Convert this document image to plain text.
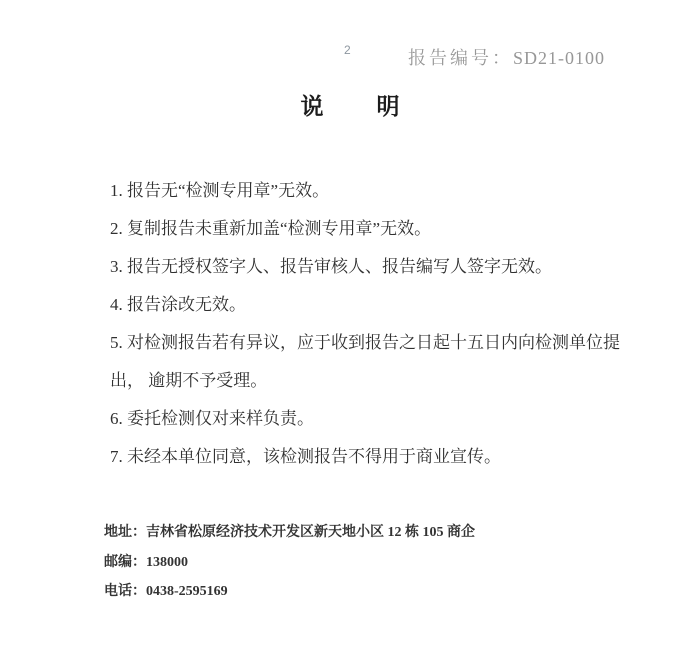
2	报告编号：SD21-0100
说 明
1. 报告无“检测专用章”无效。
2. 复制报告未重新加盖“检测专用章”无效。
3. 报告无授权签字人、报告审核人、报告编写人签字无效。
4. 报告涂改无效。
5. 对检测报告若有异议，应于收到报告之日起十五日内向检测单位提出， 逾期不予受理。
6. 委托检测仅对来样负责。
7. 未经本单位同意，该检测报告不得用于商业宣传。
地址：吉林省松原经济技术开发区新天地小区 12 栋 105 商企
邮编：138000
电话：0438-2595169
